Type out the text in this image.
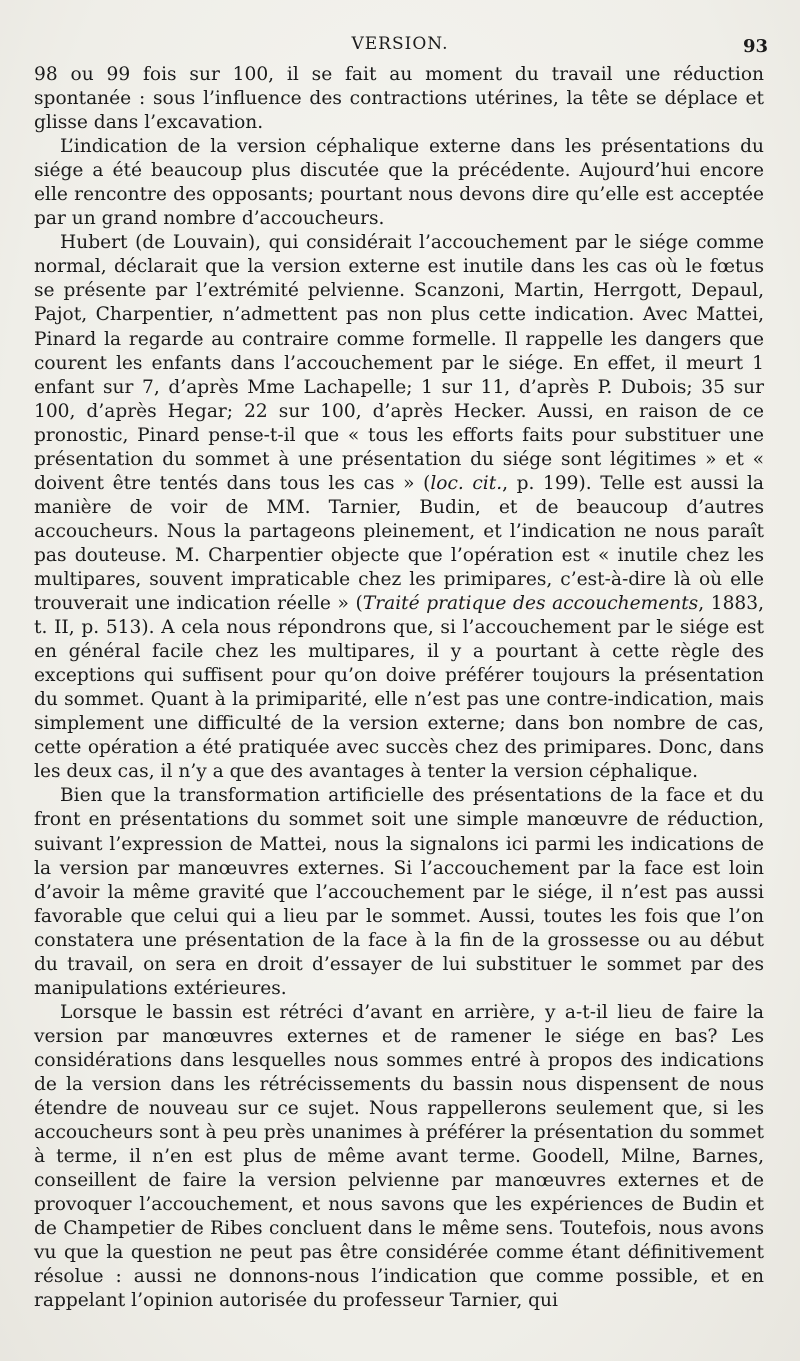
VERSION.	93

98 ou 99 fois sur 100, il se fait au moment du travail une réduction spontanée : sous l’influence des contractions utérines, la tête se déplace et glisse dans l’excavation.

L’indication de la version céphalique externe dans les présentations du siége a été beaucoup plus discutée que la précédente. Aujourd’hui encore elle rencontre des opposants; pourtant nous devons dire qu’elle est acceptée par un grand nombre d’accoucheurs.

Hubert (de Louvain), qui considérait l’accouchement par le siége comme normal, déclarait que la version externe est inutile dans les cas où le fœtus se présente par l’extrémité pelvienne. Scanzoni, Martin, Herrgott, Depaul, Pajot, Charpentier, n’admettent pas non plus cette indication. Avec Mattei, Pinard la regarde au contraire comme formelle. Il rappelle les dangers que courent les enfants dans l’accouchement par le siége. En effet, il meurt 1 enfant sur 7, d’après Mme Lachapelle; 1 sur 11, d’après P. Dubois; 35 sur 100, d’après Hegar; 22 sur 100, d’après Hecker. Aussi, en raison de ce pronostic, Pinard pense-t-il que « tous les efforts faits pour substituer une présentation du sommet à une présentation du siége sont légitimes » et « doivent être tentés dans tous les cas » (loc. cit., p. 199). Telle est aussi la manière de voir de MM. Tarnier, Budin, et de beaucoup d’autres accoucheurs. Nous la partageons pleinement, et l’indication ne nous paraît pas douteuse. M. Charpentier objecte que l’opération est « inutile chez les multipares, souvent impraticable chez les primipares, c’est-à-dire là où elle trouverait une indication réelle » (Traité pratique des accouchements, 1883, t. II, p. 513). A cela nous répondrons que, si l’accouchement par le siége est en général facile chez les multipares, il y a pourtant à cette règle des exceptions qui suffisent pour qu’on doive préférer toujours la présentation du sommet. Quant à la primiparité, elle n’est pas une contre-indication, mais simplement une difficulté de la version externe; dans bon nombre de cas, cette opération a été pratiquée avec succès chez des primipares. Donc, dans les deux cas, il n’y a que des avantages à tenter la version céphalique.

Bien que la transformation artificielle des présentations de la face et du front en présentations du sommet soit une simple manœuvre de réduction, suivant l’expression de Mattei, nous la signalons ici parmi les indications de la version par manœuvres externes. Si l’accouchement par la face est loin d’avoir la même gravité que l’accouchement par le siége, il n’est pas aussi favorable que celui qui a lieu par le sommet. Aussi, toutes les fois que l’on constatera une présentation de la face à la fin de la grossesse ou au début du travail, on sera en droit d’essayer de lui substituer le sommet par des manipulations extérieures.

Lorsque le bassin est rétréci d’avant en arrière, y a-t-il lieu de faire la version par manœuvres externes et de ramener le siége en bas? Les considérations dans lesquelles nous sommes entré à propos des indications de la version dans les rétrécissements du bassin nous dispensent de nous étendre de nouveau sur ce sujet. Nous rappellerons seulement que, si les accoucheurs sont à peu près unanimes à préférer la présentation du sommet à terme, il n’en est plus de même avant terme. Goodell, Milne, Barnes, conseillent de faire la version pelvienne par manœuvres externes et de provoquer l’accouchement, et nous savons que les expériences de Budin et de Champetier de Ribes concluent dans le même sens. Toutefois, nous avons vu que la question ne peut pas être considérée comme étant définitivement résolue : aussi ne donnons-nous l’indication que comme possible, et en rappelant l’opinion autorisée du professeur Tarnier, qui
